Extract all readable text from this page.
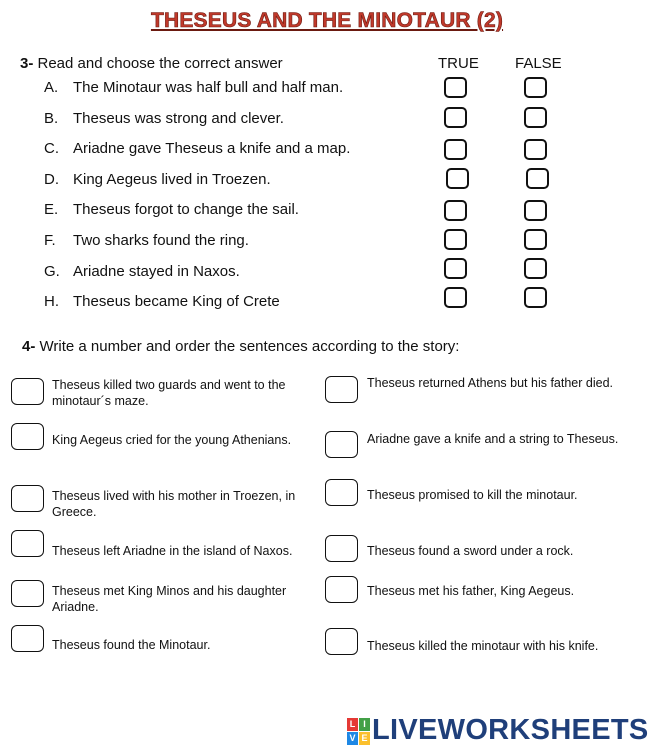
THESEUS AND THE MINOTAUR (2)
3- Read and choose the correct answer	TRUE FALSE
A. The Minotaur was half bull and half man.
B. Theseus was strong and clever.
C. Ariadne gave Theseus a knife and a map.
D. King Aegeus lived in Troezen.
E. Theseus forgot to change the sail.
F. Two sharks found the ring.
G. Ariadne stayed in Naxos.
H. Theseus became King of Crete
4- Write a number and order the sentences according to the story:
Theseus killed two guards and went to the minotaur´s maze.
King Aegeus cried for the young Athenians.
Theseus lived with his mother in Troezen, in Greece.
Theseus left Ariadne in the island of Naxos.
Theseus met King Minos and his daughter Ariadne.
Theseus found the Minotaur.
Theseus returned Athens but his father died.
Ariadne gave a knife and a string to Theseus.
Theseus promised to kill the minotaur.
Theseus found a sword under a rock.
Theseus met his father, King Aegeus.
Theseus killed the minotaur with his knife.
L I
V E LIVEWORKSHEETS
